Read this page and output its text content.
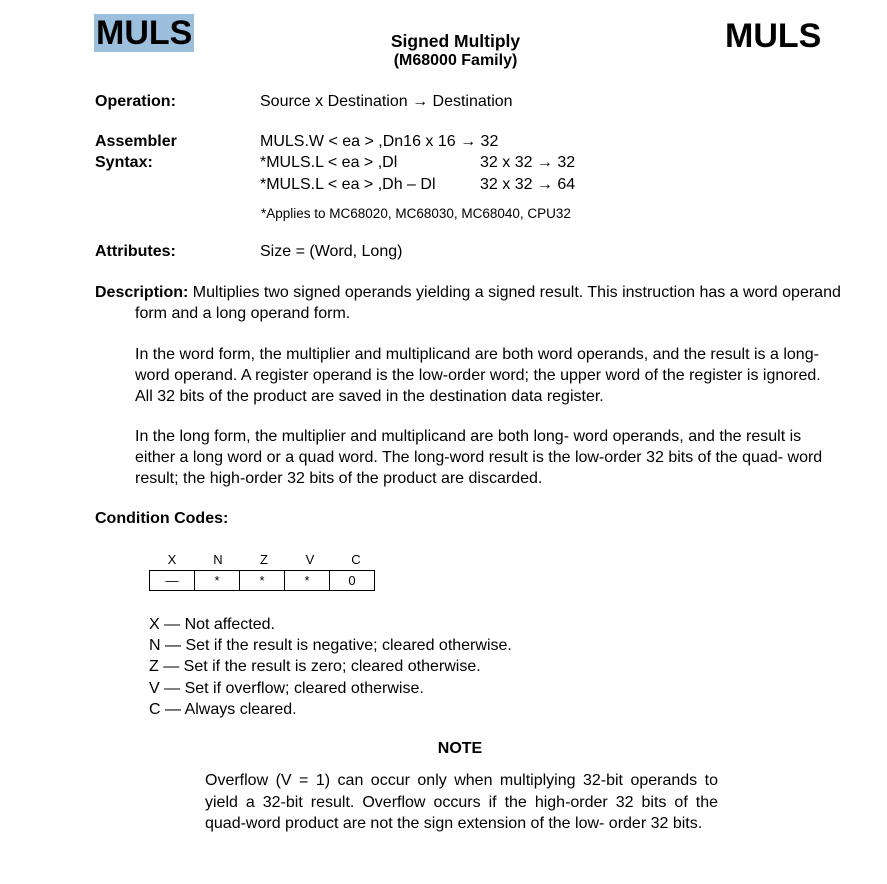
MULS	Signed Multiply
(M68000 Family)
MULS
Operation:	Source x Destination → Destination
Assembler
Syntax:
MULS.W < ea > ,Dn16 x 16 → 32
*MULS.L < ea > ,Dl	32 x 32 → 32
*MULS.L < ea > ,Dh – Dl	32 x 32 → 64
*Applies to MC68020, MC68030, MC68040, CPU32
Attributes:	Size = (Word, Long)
Description: Multiplies two signed operands yielding a signed result. This instruction has a word operand form and a long operand form.
In the word form, the multiplier and multiplicand are both word operands, and the result is a long-word operand. A register operand is the low-order word; the upper word of the register is ignored. All 32 bits of the product are saved in the destination data register.
In the long form, the multiplier and multiplicand are both long- word operands, and the result is either a long word or a quad word. The long-word result is the low-order 32 bits of the quad- word result; the high-order 32 bits of the product are discarded.
Condition Codes:
X	N	Z	V	C
—	*	*	*	0
X — Not affected.
N — Set if the result is negative; cleared otherwise.
Z — Set if the result is zero; cleared otherwise.
V — Set if overflow; cleared otherwise.
C — Always cleared.
NOTE
Overflow (V = 1) can occur only when multiplying 32-bit operands to yield a 32-bit result. Overflow occurs if the high-order 32 bits of the quad-word product are not the sign extension of the low- order 32 bits.
